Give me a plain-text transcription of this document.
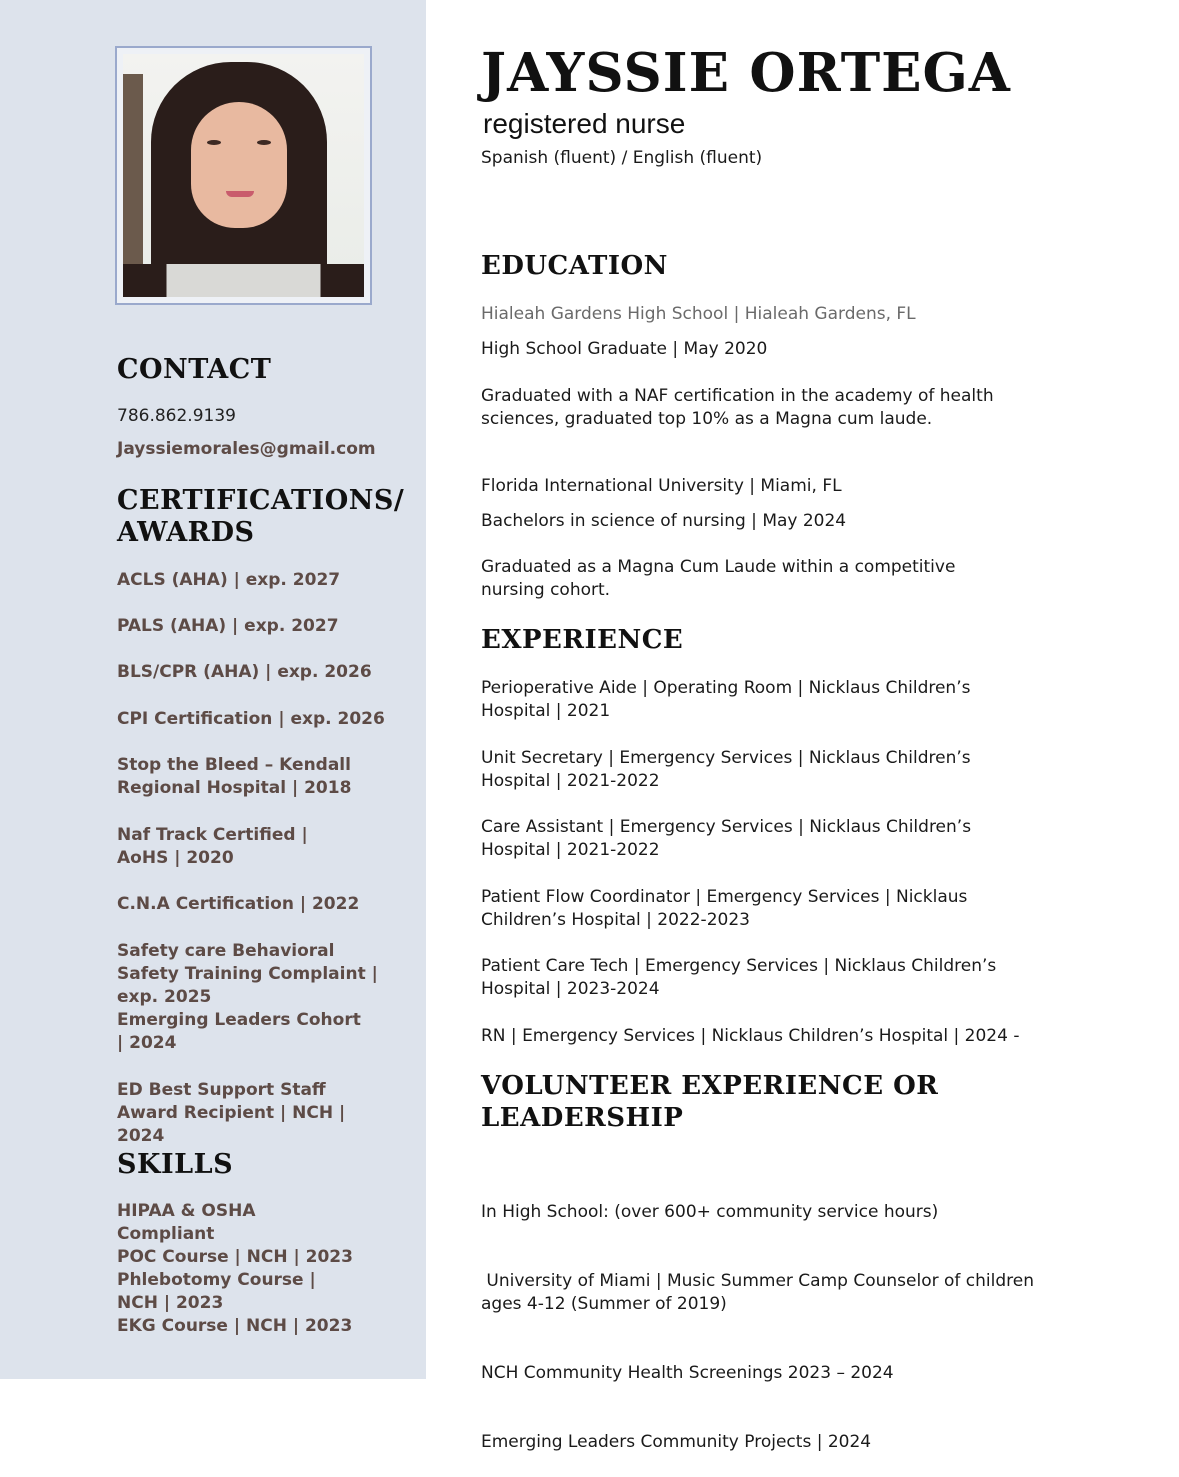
CONTACT

786.862.9139

Jayssiemorales@gmail.com

CERTIFICATIONS/
AWARDS

ACLS (AHA) | exp. 2027

PALS (AHA) | exp. 2027

BLS/CPR (AHA) | exp. 2026

CPI Certification | exp. 2026

Stop the Bleed – Kendall Regional Hospital | 2018

Naf Track Certified | AoHS | 2020

C.N.A Certification | 2022

Safety care Behavioral Safety Training Complaint | exp. 2025

Emerging Leaders Cohort | 2024

ED Best Support Staff Award Recipient | NCH | 2024

SKILLS

HIPAA & OSHA Compliant

POC Course | NCH | 2023

Phlebotomy Course | NCH | 2023

EKG Course | NCH | 2023

JAYSSIE ORTEGA

registered nurse

Spanish (fluent) / English (fluent)

EDUCATION

Hialeah Gardens High School | Hialeah Gardens, FL

High School Graduate | May 2020

Graduated with a NAF certification in the academy of health sciences, graduated top 10% as a Magna cum laude.

Florida International University | Miami, FL

Bachelors in science of nursing | May 2024

Graduated as a Magna Cum Laude within a competitive nursing cohort.

EXPERIENCE

Perioperative Aide | Operating Room | Nicklaus Children’s Hospital | 2021

Unit Secretary | Emergency Services | Nicklaus Children’s Hospital | 2021-2022

Care Assistant | Emergency Services | Nicklaus Children’s Hospital | 2021-2022

Patient Flow Coordinator | Emergency Services | Nicklaus Children’s Hospital | 2022-2023

Patient Care Tech | Emergency Services | Nicklaus Children’s Hospital | 2023-2024

RN | Emergency Services | Nicklaus Children’s Hospital | 2024 -

VOLUNTEER EXPERIENCE OR
LEADERSHIP

In High School: (over 600+ community service hours)

University of Miami | Music Summer Camp Counselor of children ages 4-12 (Summer of 2019)

NCH Community Health Screenings 2023 – 2024

Emerging Leaders Community Projects | 2024
